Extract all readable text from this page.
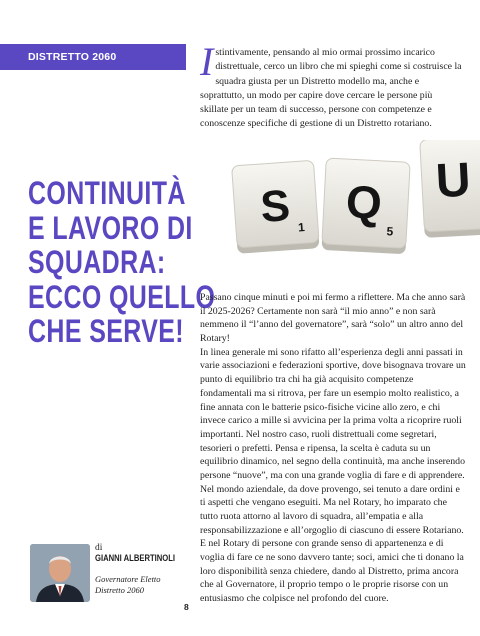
DISTRETTO 2060	Istintivamente, pensando al mio ormai prossimo incarico distrettuale, cerco un libro che mi spieghi come si costruisce la squadra giusta per un Distretto modello ma, anche e soprattutto, un modo per capire dove cercare le persone più skillate per un team di successo, persone con competenze e conoscenze specifiche di gestione di un Distretto rotariano.

CONTINUITÀ
E LAVORO DI
SQUADRA:
ECCO QUELLO
CHE SERVE!
S 1 Q
5
U

Passano cinque minuti e poi mi fermo a riflettere. Ma che anno sarà il 2025-2026? Certamente non sarà “il mio anno” e non sarà nemmeno il “l’anno del governatore”, sarà “solo” un altro anno del Rotary!

In linea generale mi sono rifatto all’esperienza degli anni passati in varie associazioni e federazioni sportive, dove bisognava trovare un punto di equilibrio tra chi ha già acquisito competenze fondamentali ma si ritrova, per fare un esempio molto realistico, a fine annata con le batterie psico-fisiche vicine allo zero, e chi invece carico a mille si avvicina per la prima volta a ricoprire ruoli importanti. Nel nostro caso, ruoli distrettuali come segretari, tesorieri o prefetti. Pensa e ripensa, la scelta è caduta su un equilibrio dinamico, nel segno della continuità, ma anche inserendo persone “nuove”, ma con una grande voglia di fare e di apprendere.

Nel mondo aziendale, da dove provengo, sei tenuto a dare ordini e ti aspetti che vengano eseguiti. Ma nel Rotary, ho imparato che tutto ruota attorno al lavoro di squadra, all’empatia e alla responsabilizzazione e all’orgoglio di ciascuno di essere Rotariano. E nel Rotary di persone con grande senso di appartenenza e di voglia di fare ce ne sono davvero tante; soci, amici che ti donano la loro disponibilità senza chiedere, dando al Distretto, prima ancora che al Governatore, il proprio tempo o le proprie risorse con un entusiasmo che colpisce nel profondo del cuore.

di
GIANNI ALBERTINOLI
Governatore Eletto
Distretto 2060
8
